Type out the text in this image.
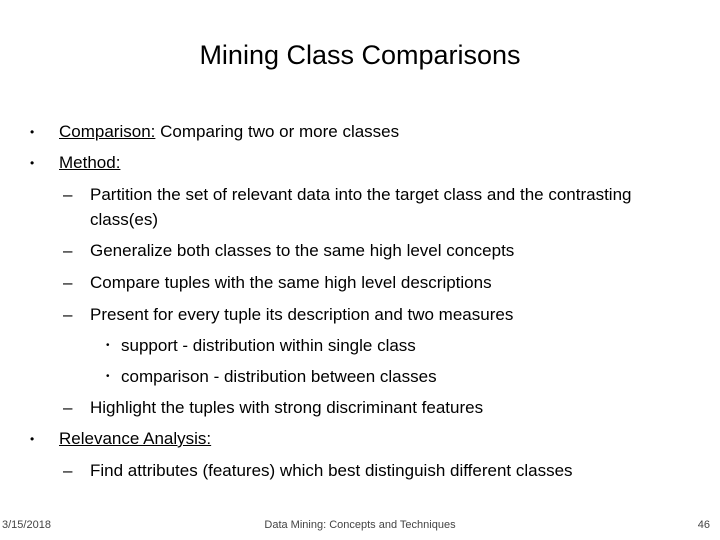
Mining Class Comparisons
• Comparison: Comparing two or more classes
• Method:
– Partition the set of relevant data into the target class and the contrasting
class(es)
– Generalize both classes to the same high level concepts
– Compare tuples with the same high level descriptions
– Present for every tuple its description and two measures
• support - distribution within single class
• comparison - distribution between classes
– Highlight the tuples with strong discriminant features
• Relevance Analysis:
– Find attributes (features) which best distinguish different classes
3/15/2018	Data Mining: Concepts and Techniques	46
